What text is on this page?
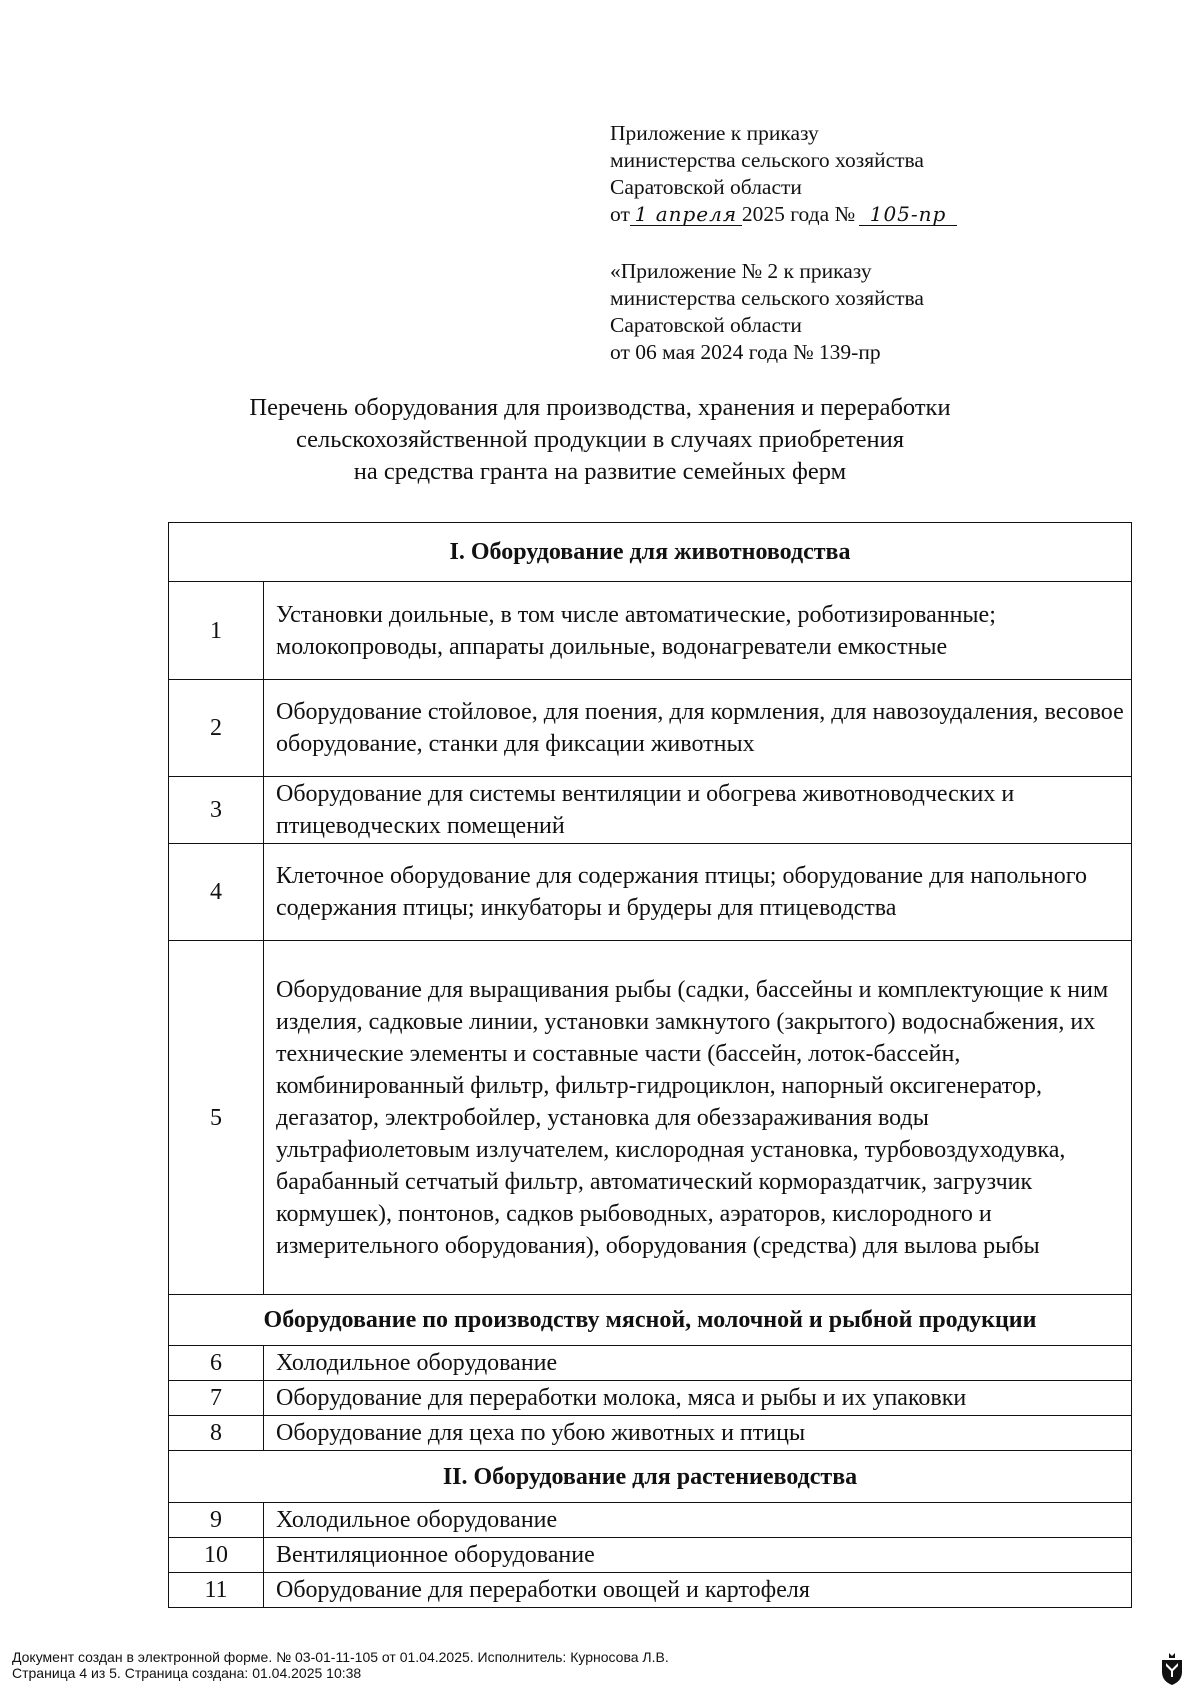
Приложение к приказу
министерства сельского хозяйства
Саратовской области
от 1 апреля 2025 года № 105-пр
«Приложение № 2 к приказу
министерства сельского хозяйства
Саратовской области
от 06 мая 2024 года № 139-пр
Перечень оборудования для производства, хранения и переработки
сельскохозяйственной продукции в случаях приобретения
на средства гранта на развитие семейных ферм
I. Оборудование для животноводства	
1	Установки доильные, в том числе автоматические, роботизированные; молокопроводы, аппараты доильные, водонагреватели емкостные
2	Оборудование стойловое, для поения, для кормления, для навозоудаления, весовое оборудование, станки для фиксации животных
3	Оборудование для системы вентиляции и обогрева животноводческих и птицеводческих помещений
4	Клеточное оборудование для содержания птицы; оборудование для напольного содержания птицы; инкубаторы и брудеры для птицеводства
5	Оборудование для выращивания рыбы (садки, бассейны и комплектующие к ним изделия, садковые линии, установки замкнутого (закрытого) водоснабжения, их технические элементы и составные части (бассейн, лоток-бассейн, комбинированный фильтр, фильтр-гидроциклон, напорный оксигенератор, дегазатор, электробойлер, установка для обеззараживания воды ультрафиолетовым излучателем, кислородная установка, турбовоздуходувка, барабанный сетчатый фильтр, автоматический кормораздатчик, загрузчик кормушек), понтонов, садков рыбоводных, аэраторов, кислородного и измерительного оборудования), оборудования (средства) для вылова рыбы
Оборудование по производству мясной, молочной и рыбной продукции	
6	Холодильное оборудование
7	Оборудование для переработки молока, мяса и рыбы и их упаковки
8	Оборудование для цеха по убою животных и птицы
II. Оборудование для растениеводства	
9	Холодильное оборудование
10	Вентиляционное оборудование
11	Оборудование для переработки овощей и картофеля
Документ создан в электронной форме. № 03-01-11-105 от 01.04.2025. Исполнитель: Курносова Л.В.
Страница 4 из 5. Страница создана: 01.04.2025 10:38
